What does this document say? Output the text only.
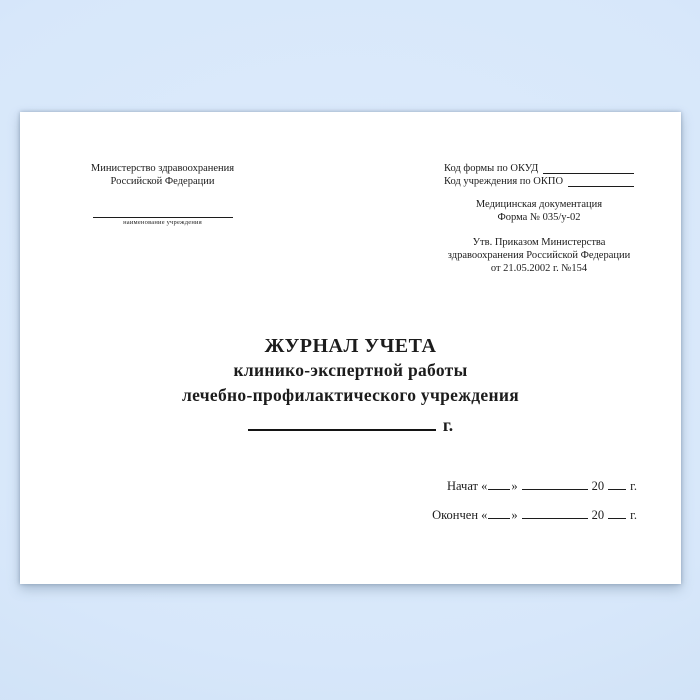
Министерство здравоохранения
Российской Федерации
наименование учреждения
Код формы по ОКУД
Код учреждения по ОКПО
Медицинская документация
Форма № 035/у-02
Утв. Приказом Министерства
здравоохранения Российской Федерации
от 21.05.2002 г. №154
ЖУРНАЛ УЧЕТА
клинико-экспертной работы
лечебно-профилактического учреждения
г.
Начат « »	20 г.
Окончен « »	20 г.
